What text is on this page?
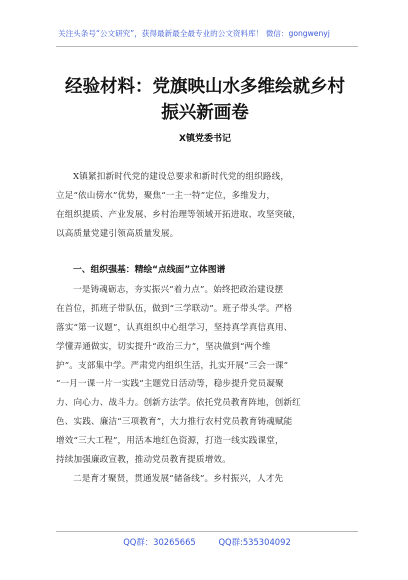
关注头条号“公文研究”，获得最新最全最专业的公文资料库！ 微信：gongwenyj
经验材料：党旗映山水多维绘就乡村
振兴新画卷
X镇党委书记
X镇紧扣新时代党的建设总要求和新时代党的组织路线，
立足“依山傍水”优势，聚焦“一主一特”定位，多维发力，
在组织提质、产业发展、乡村治理等领域开拓进取、攻坚突破，
以高质量党建引领高质量发展。
一、组织强基：精绘“点线面”立体图谱
一是铸魂砺志，夯实振兴“着力点”。始终把政治建设摆
在首位，抓班子带队伍，做到“三学联动”。班子带头学。严格
落实“第一议题”，认真组织中心组学习，坚持真学真信真用、
学懂弄通做实，切实提升“政治三力”，坚决做到“两个维
护”。支部集中学。严肃党内组织生活，扎实开展“三会一课”
“一月一课一片一实践”主题党日活动等，稳步提升党员凝聚
力、向心力、战斗力。创新方法学。依托党员教育阵地，创新红
色、实践、廉洁“三项教育”，大力推行农村党员教育铸魂赋能
增效“三大工程”，用活本地红色资源，打造一线实践课堂，
持续加强廉政宣教，推动党员教育提质增效。
二是育才聚贤，贯通发展“储备线”。乡村振兴，人才先
QQ群：30265665	QQ群:535304092
